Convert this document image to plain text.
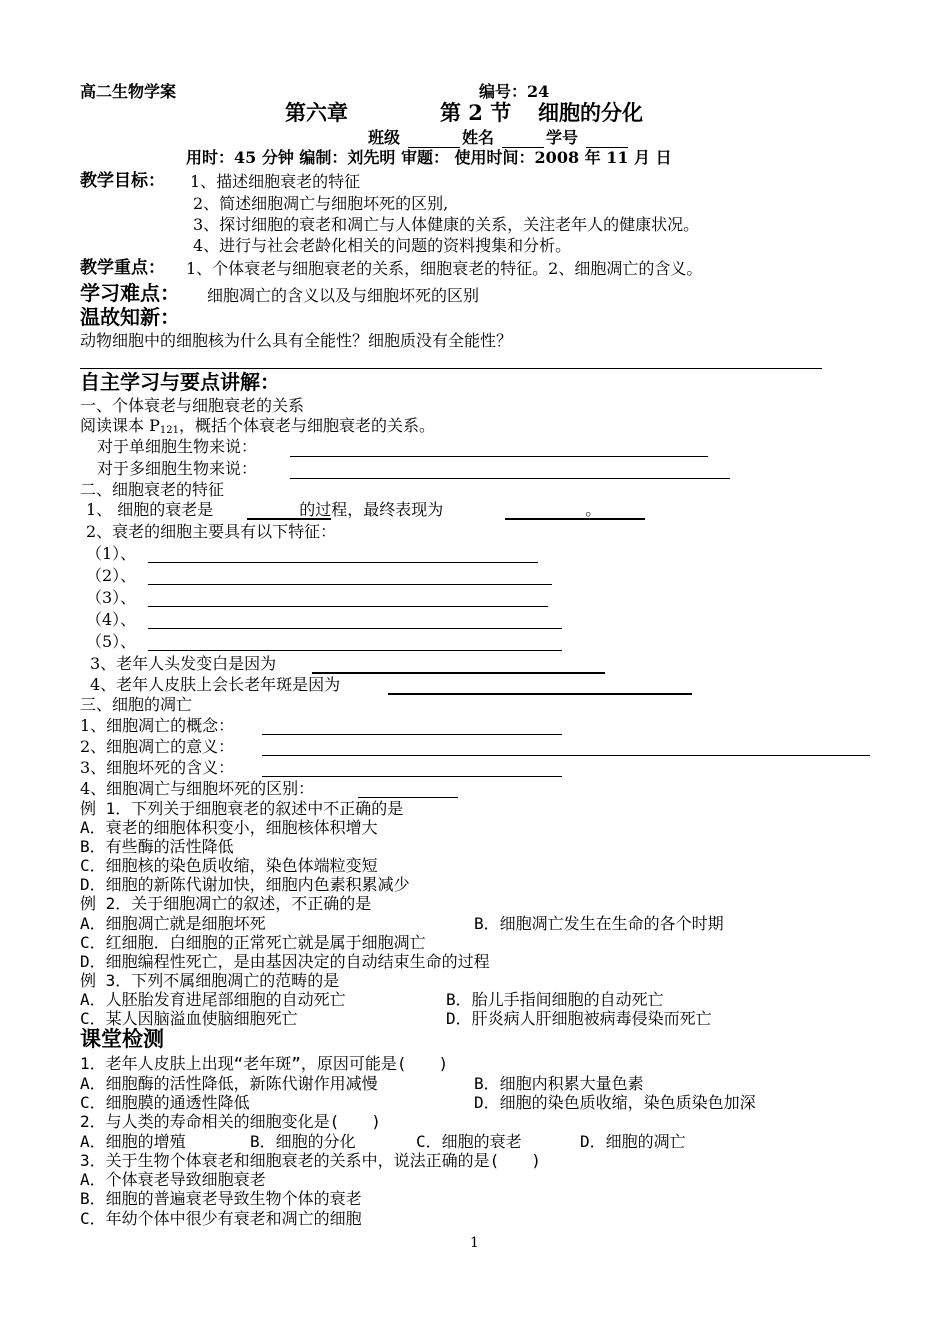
高二生物学案	编号：24
第六章	第 2 节 细胞的分化
班级	姓名	学号
用时：45 分钟 编制：刘先明 审题： 使用时间：2008 年 11 月 日
教学目标： 1、描述细胞衰老的特征
2、简述细胞凋亡与细胞坏死的区别,
3、探讨细胞的衰老和凋亡与人体健康的关系，关注老年人的健康状况。
4、进行与社会老龄化相关的问题的资料搜集和分析。
教学重点： 1、个体衰老与细胞衰老的关系，细胞衰老的特征。2、细胞凋亡的含义。
学习难点： 细胞凋亡的含义以及与细胞坏死的区别
温故知新：
动物细胞中的细胞核为什么具有全能性？细胞质没有全能性？
自主学习与要点讲解：
一、个体衰老与细胞衰老的关系
阅读课本 $P_{121}$，概括个体衰老与细胞衰老的关系。
对于单细胞生物来说：
对于多细胞生物来说：
二、细胞衰老的特征
1、 细胞的衰老是	的过程，最终表现为	。
2、衰老的细胞主要具有以下特征：
（1）、
（2）、
（3）、
（4）、
（5）、
3、老年人头发变白是因为
4、老年人皮肤上会长老年斑是因为
三、细胞的凋亡
1、细胞凋亡的概念：
2、细胞凋亡的意义：
3、细胞坏死的含义：
4、细胞凋亡与细胞坏死的区别：
例 1．下列关于细胞衰老的叙述中不正确的是
A．衰老的细胞体积变小，细胞核体积增大
B．有些酶的活性降低
C．细胞核的染色质收缩，染色体端粒变短
D．细胞的新陈代谢加快，细胞内色素积累减少
例 2．关于细胞凋亡的叙述，不正确的是
A．细胞凋亡就是细胞坏死	B．细胞凋亡发生在生命的各个时期
C．红细胞．白细胞的正常死亡就是属于细胞凋亡
D．细胞编程性死亡，是由基因决定的自动结束生命的过程
例 3．下列不属细胞凋亡的范畴的是
A．人胚胎发育进尾部细胞的自动死亡	B．胎儿手指间细胞的自动死亡
C．某人因脑溢血使脑细胞死亡	D．肝炎病人肝细胞被病毒侵染而死亡
课堂检测
1．老年人皮肤上出现“老年斑”，原因可能是(　　)
A．细胞酶的活性降低，新陈代谢作用减慢	B．细胞内积累大量色素
C．细胞膜的通透性降低	D．细胞的染色质收缩，染色质染色加深
2．与人类的寿命相关的细胞变化是(　　)
A．细胞的增殖	B．细胞的分化	C．细胞的衰老	D．细胞的凋亡
3．关于生物个体衰老和细胞衰老的关系中，说法正确的是(　　)
A．个体衰老导致细胞衰老
B．细胞的普遍衰老导致生物个体的衰老
C．年幼个体中很少有衰老和凋亡的细胞
1
